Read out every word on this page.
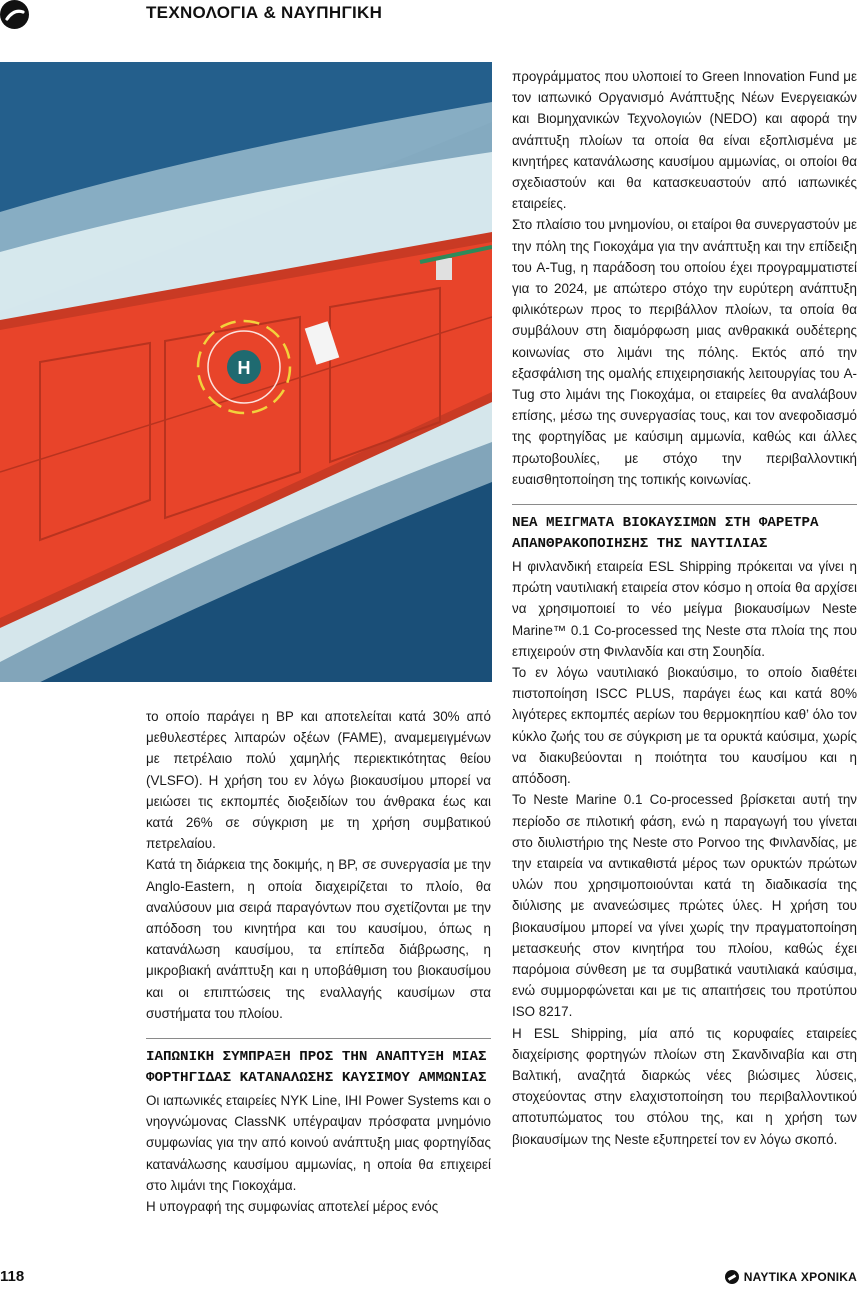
ΤΕΧΝΟΛΟΓΙΑ & ΝΑΥΠΗΓΙΚΗ
H

το οποίο παράγει η BP και αποτελείται κατά 30% από μεθυλεστέρες λιπαρών οξέων (FAME), αναμεμειγμένων με πετρέλαιο πολύ χαμηλής περιεκτικότητας θείου (VLSFO). Η χρήση του εν λόγω βιοκαυσίμου μπορεί να μειώσει τις εκπομπές διοξειδίων του άνθρακα έως και κατά 26% σε σύγκριση με τη χρήση συμβατικού πετρελαίου.

Κατά τη διάρκεια της δοκιμής, η BP, σε συνεργασία με την Anglo-Eastern, η οποία διαχειρίζεται το πλοίο, θα αναλύσουν μια σειρά παραγόντων που σχετίζονται με την απόδοση του κινητήρα και του καυσίμου, όπως η κατανάλωση καυσίμου, τα επίπεδα διάβρωσης, η μικροβιακή ανάπτυξη και η υποβάθμιση του βιοκαυσίμου και οι επιπτώσεις της εναλλαγής καυσίμων στα συστήματα του πλοίου.

ΙΑΠΩΝΙΚΗ ΣΥΜΠΡΑΞΗ ΠΡΟΣ ΤΗΝ ΑΝΑΠΤΥΞΗ ΜΙΑΣ ΦΟΡΤΗΓΙΔΑΣ ΚΑΤΑΝΑΛΩΣΗΣ ΚΑΥΣΙΜΟΥ ΑΜΜΩΝΙΑΣ

Οι ιαπωνικές εταιρείες NYK Line, IHI Power Systems και ο νηογνώμονας ClassNK υπέγραψαν πρόσφατα μνημόνιο συμφωνίας για την από κοινού ανάπτυξη μιας φορτηγίδας κατανάλωσης καυσίμου αμμωνίας, η οποία θα επιχειρεί στο λιμάνι της Γιοκοχάμα.

Η υπογραφή της συμφωνίας αποτελεί μέρος ενός

προγράμματος που υλοποιεί το Green Innovation Fund με τον ιαπωνικό Οργανισμό Ανάπτυξης Νέων Ενεργειακών και Βιομηχανικών Τεχνολογιών (NEDO) και αφορά την ανάπτυξη πλοίων τα οποία θα είναι εξοπλισμένα με κινητήρες κατανάλωσης καυσίμου αμμωνίας, οι οποίοι θα σχεδιαστούν και θα κατασκευαστούν από ιαπωνικές εταιρείες.

Στο πλαίσιο του μνημονίου, οι εταίροι θα συνεργαστούν με την πόλη της Γιοκοχάμα για την ανάπτυξη και την επίδειξη του A-Tug, η παράδοση του οποίου έχει προγραμματιστεί για το 2024, με απώτερο στόχο την ευρύτερη ανάπτυξη φιλικότερων προς το περιβάλλον πλοίων, τα οποία θα συμβάλουν στη διαμόρφωση μιας ανθρακικά ουδέτερης κοινωνίας στο λιμάνι της πόλης. Εκτός από την εξασφάλιση της ομαλής επιχειρησιακής λειτουργίας του A-Tug στο λιμάνι της Γιοκοχάμα, οι εταιρείες θα αναλάβουν επίσης, μέσω της συνεργασίας τους, και τον ανεφοδιασμό της φορτηγίδας με καύσιμη αμμωνία, καθώς και άλλες πρωτοβουλίες, με στόχο την περιβαλλοντική ευαισθητοποίηση της τοπικής κοινωνίας.

ΝΕΑ ΜΕΙΓΜΑΤΑ ΒΙΟΚΑΥΣΙΜΩΝ ΣΤΗ ΦΑΡΕΤΡΑ ΑΠΑΝΘΡΑΚΟΠΟΙΗΣΗΣ ΤΗΣ ΝΑΥΤΙΛΙΑΣ

Η φινλανδική εταιρεία ESL Shipping πρόκειται να γίνει η πρώτη ναυτιλιακή εταιρεία στον κόσμο η οποία θα αρχίσει να χρησιμοποιεί το νέο μείγμα βιοκαυσίμων Neste Marine™ 0.1 Co-processed της Neste στα πλοία της που επιχειρούν στη Φινλανδία και στη Σουηδία.

Το εν λόγω ναυτιλιακό βιοκαύσιμο, το οποίο διαθέτει πιστοποίηση ISCC PLUS, παράγει έως και κατά 80% λιγότερες εκπομπές αερίων του θερμοκηπίου καθ’ όλο τον κύκλο ζωής του σε σύγκριση με τα ορυκτά καύσιμα, χωρίς να διακυβεύονται η ποιότητα του καυσίμου και η απόδοση.

Το Neste Marine 0.1 Co-processed βρίσκεται αυτή την περίοδο σε πιλοτική φάση, ενώ η παραγωγή του γίνεται στο διυλιστήριο της Neste στο Porvoo της Φινλανδίας, με την εταιρεία να αντικαθιστά μέρος των ορυκτών πρώτων υλών που χρησιμοποιούνται κατά τη διαδικασία της διύλισης με ανανεώσιμες πρώτες ύλες. Η χρήση του βιοκαυσίμου μπορεί να γίνει χωρίς την πραγματοποίηση μετασκευής στον κινητήρα του πλοίου, καθώς έχει παρόμοια σύνθεση με τα συμβατικά ναυτιλιακά καύσιμα, ενώ συμμορφώνεται και με τις απαιτήσεις του προτύπου ISO 8217.

Η ESL Shipping, μία από τις κορυφαίες εταιρείες διαχείρισης φορτηγών πλοίων στη Σκανδιναβία και στη Βαλτική, αναζητά διαρκώς νέες βιώσιμες λύσεις, στοχεύοντας στην ελαχιστοποίηση του περιβαλλοντικού αποτυπώματος του στόλου της, και η χρήση των βιοκαυσίμων της Neste εξυπηρετεί τον εν λόγω σκοπό.

118	ΝΑΥΤΙΚΑ ΧΡΟΝΙΚΑ
